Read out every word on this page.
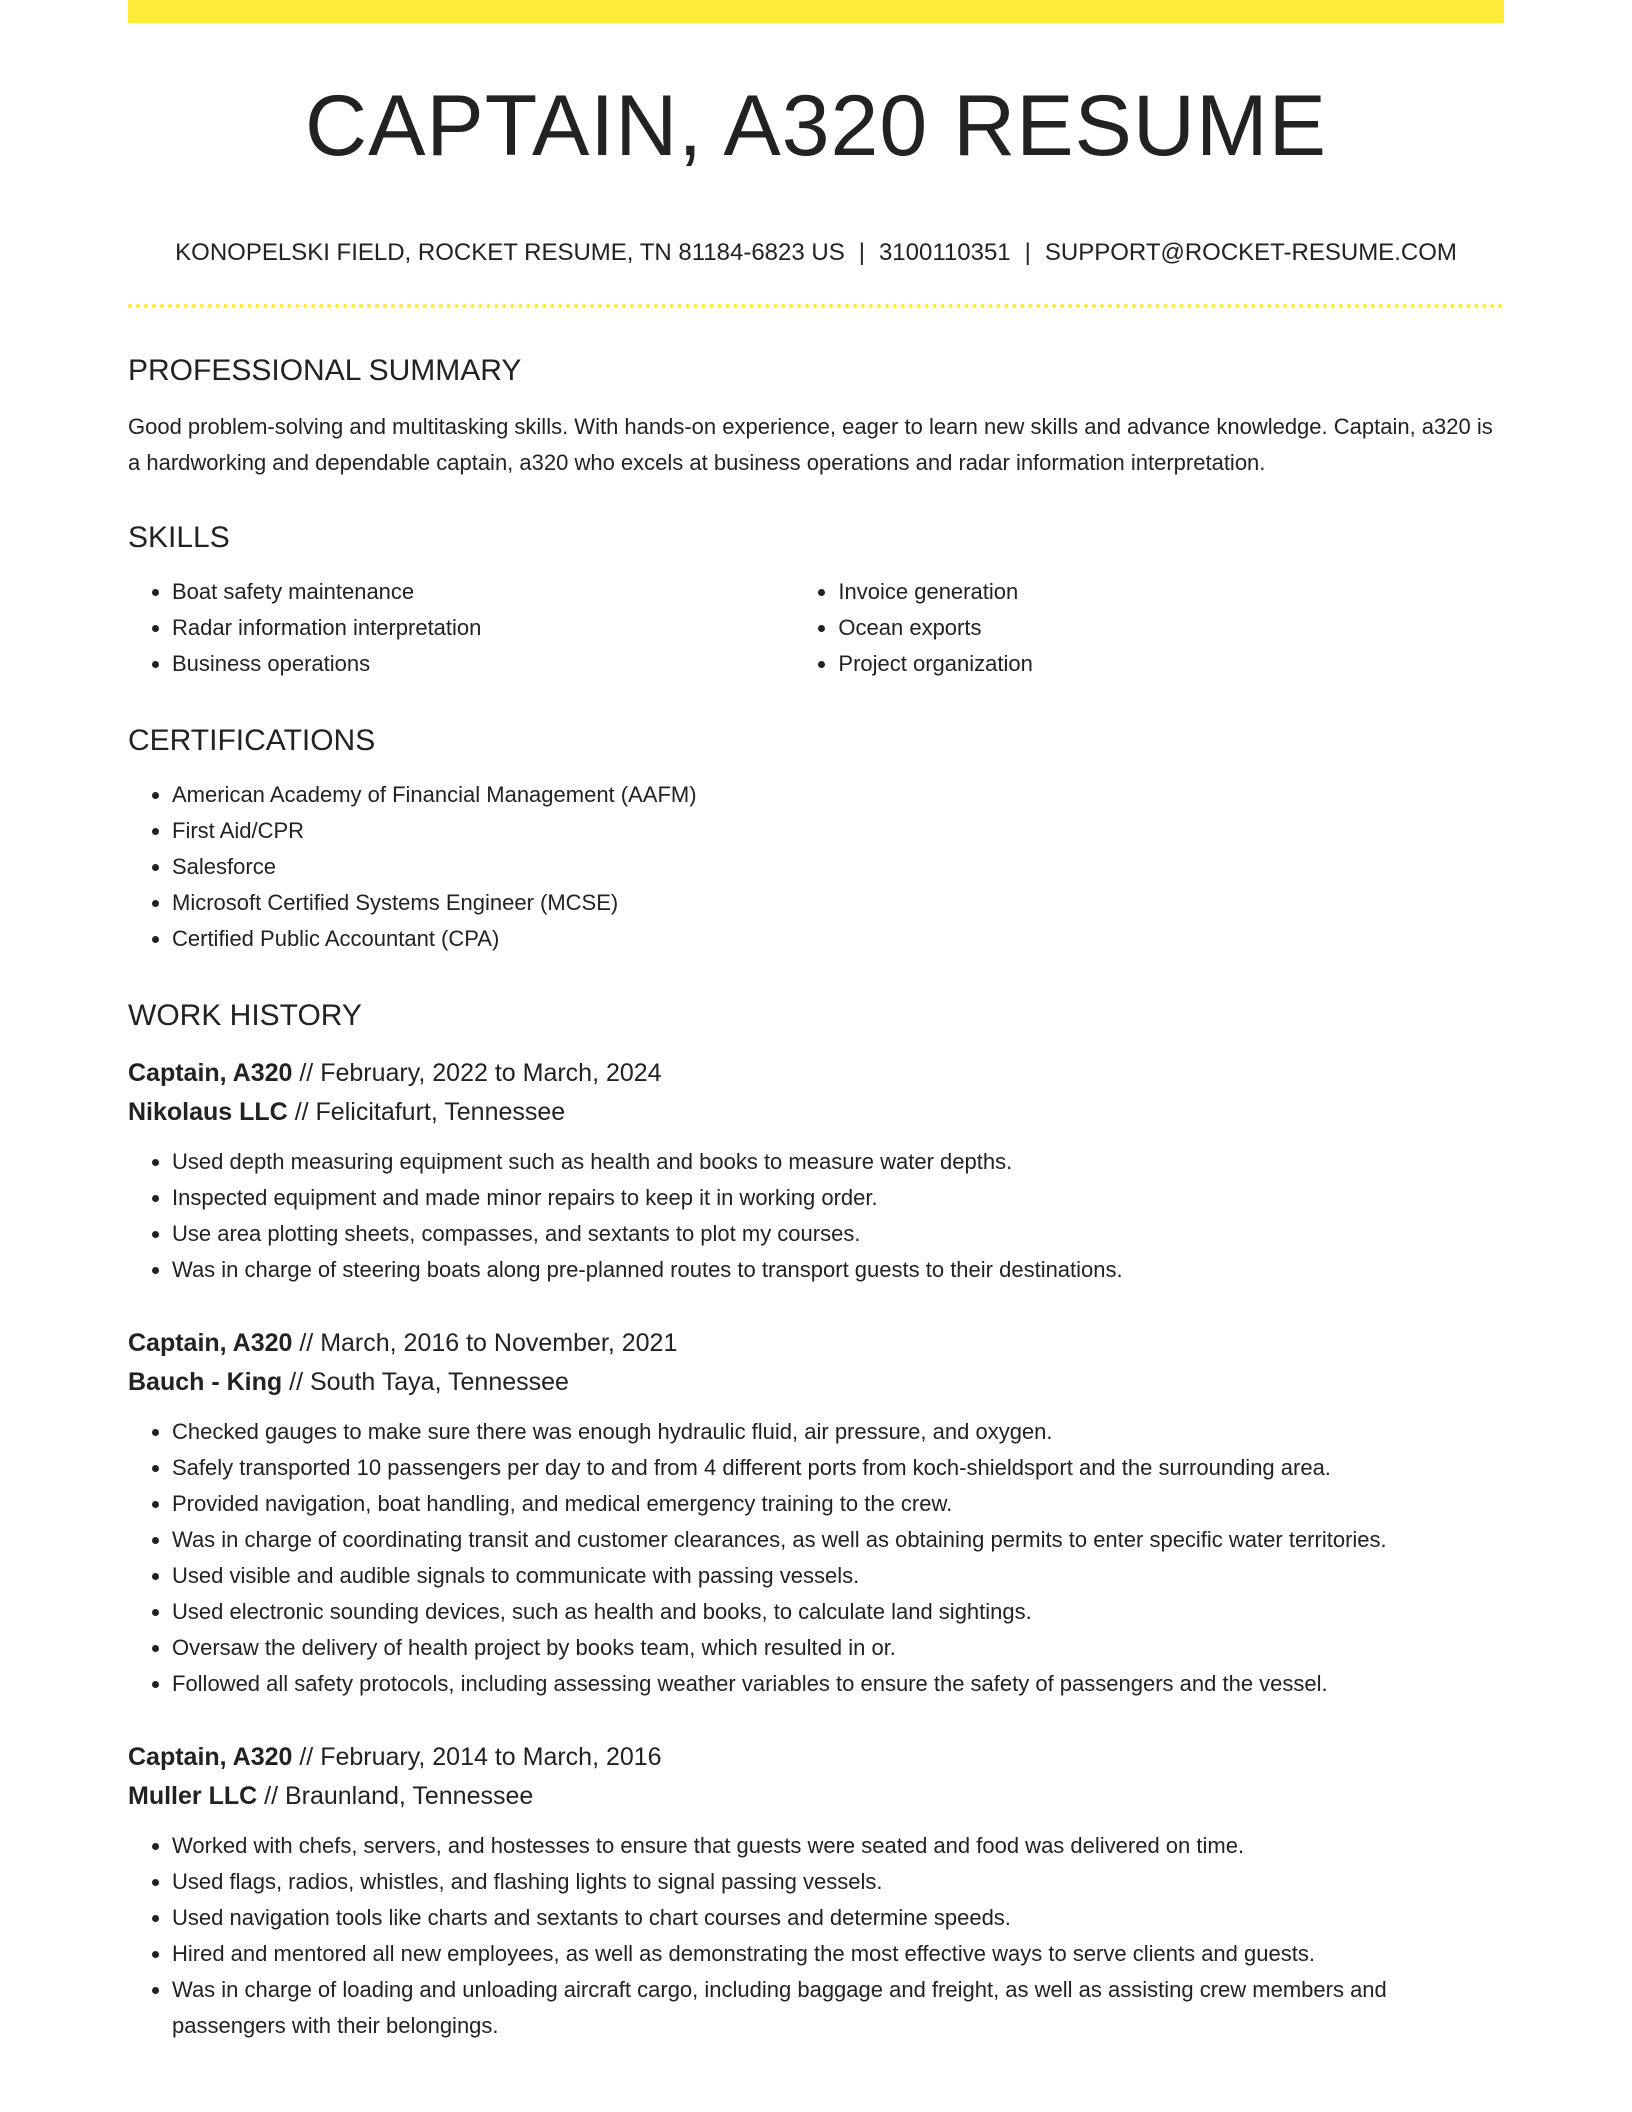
CAPTAIN, A320 RESUME
KONOPELSKI FIELD, ROCKET RESUME, TN 81184-6823 US | 3100110351 | SUPPORT@ROCKET-RESUME.COM
PROFESSIONAL SUMMARY

Good problem-solving and multitasking skills. With hands-on experience, eager to learn new skills and advance knowledge. Captain, a320 is a hardworking and dependable captain, a320 who excels at business operations and radar information interpretation.

SKILLS
• Boat safety maintenance
• Radar information interpretation
• Business operations
• Invoice generation
• Ocean exports
• Project organization
CERTIFICATIONS
• American Academy of Financial Management (AAFM)
• First Aid/CPR
• Salesforce
• Microsoft Certified Systems Engineer (MCSE)
• Certified Public Accountant (CPA)
WORK HISTORY
Captain, A320 // February, 2022 to March, 2024
Nikolaus LLC // Felicitafurt, Tennessee
• Used depth measuring equipment such as health and books to measure water depths.
• Inspected equipment and made minor repairs to keep it in working order.
• Use area plotting sheets, compasses, and sextants to plot my courses.
• Was in charge of steering boats along pre-planned routes to transport guests to their destinations.
Captain, A320 // March, 2016 to November, 2021
Bauch - King // South Taya, Tennessee
• Checked gauges to make sure there was enough hydraulic fluid, air pressure, and oxygen.
• Safely transported 10 passengers per day to and from 4 different ports from koch-shieldsport and the surrounding area.
• Provided navigation, boat handling, and medical emergency training to the crew.
• Was in charge of coordinating transit and customer clearances, as well as obtaining permits to enter specific water territories.
• Used visible and audible signals to communicate with passing vessels.
• Used electronic sounding devices, such as health and books, to calculate land sightings.
• Oversaw the delivery of health project by books team, which resulted in or.
• Followed all safety protocols, including assessing weather variables to ensure the safety of passengers and the vessel.
Captain, A320 // February, 2014 to March, 2016
Muller LLC // Braunland, Tennessee
• Worked with chefs, servers, and hostesses to ensure that guests were seated and food was delivered on time.
• Used flags, radios, whistles, and flashing lights to signal passing vessels.
• Used navigation tools like charts and sextants to chart courses and determine speeds.
• Hired and mentored all new employees, as well as demonstrating the most effective ways to serve clients and guests.
• Was in charge of loading and unloading aircraft cargo, including baggage and freight, as well as assisting crew members and passengers with their belongings.
